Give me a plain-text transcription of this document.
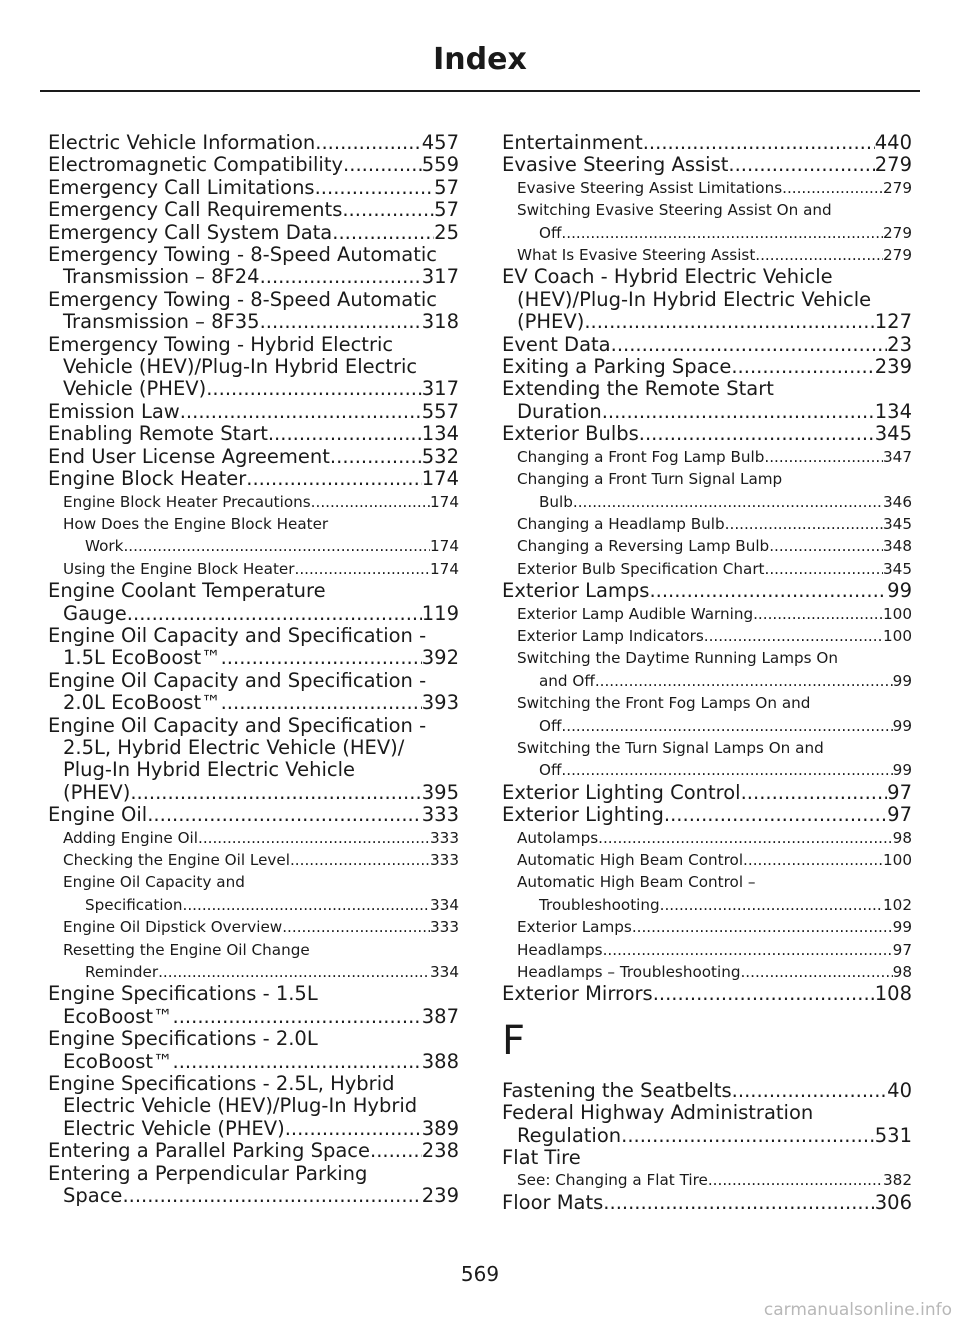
Index
Electric Vehicle Information .....	457
Electromagnetic Compatibility .....	559
Emergency Call Limitations .....	57
Emergency Call Requirements .....	57
Emergency Call System Data .....	25
Emergency Towing - 8-Speed Automatic
Transmission – 8F24 .....	317
Emergency Towing - 8-Speed Automatic
Transmission – 8F35 .....	318
Emergency Towing - Hybrid Electric
Vehicle (HEV)/Plug-In Hybrid Electric
Vehicle (PHEV) .....	317
Emission Law .....	557
Enabling Remote Start .....	134
End User License Agreement .....	532
Engine Block Heater .....	174
Engine Block Heater Precautions .....	174
How Does the Engine Block Heater
Work .....	174
Using the Engine Block Heater .....	174
Engine Coolant Temperature
Gauge .....	119
Engine Oil Capacity and Specification -
1.5L EcoBoost™ .....	392
Engine Oil Capacity and Specification -
2.0L EcoBoost™ .....	393
Engine Oil Capacity and Specification -
2.5L, Hybrid Electric Vehicle (HEV)/
Plug-In Hybrid Electric Vehicle
(PHEV) .....	395
Engine Oil .....	333
Adding Engine Oil .....	333
Checking the Engine Oil Level .....	333
Engine Oil Capacity and
Specification .....	334
Engine Oil Dipstick Overview .....	333
Resetting the Engine Oil Change
Reminder .....	334
Engine Specifications - 1.5L
EcoBoost™ .....	387
Engine Specifications - 2.0L
EcoBoost™ .....	388
Engine Specifications - 2.5L, Hybrid
Electric Vehicle (HEV)/Plug-In Hybrid
Electric Vehicle (PHEV) .....	389
Entering a Parallel Parking Space .....	238
Entering a Perpendicular Parking
Space .....	239
Entertainment .....	440
Evasive Steering Assist .....	279
Evasive Steering Assist Limitations .....	279
Switching Evasive Steering Assist On and
Off .....	279
What Is Evasive Steering Assist .....	279
EV Coach - Hybrid Electric Vehicle
(HEV)/Plug-In Hybrid Electric Vehicle
(PHEV) .....	127
Event Data .....	23
Exiting a Parking Space .....	239
Extending the Remote Start
Duration .....	134
Exterior Bulbs .....	345
Changing a Front Fog Lamp Bulb .....	347
Changing a Front Turn Signal Lamp
Bulb .....	346
Changing a Headlamp Bulb .....	345
Changing a Reversing Lamp Bulb .....	348
Exterior Bulb Specification Chart .....	345
Exterior Lamps .....	99
Exterior Lamp Audible Warning .....	100
Exterior Lamp Indicators .....	100
Switching the Daytime Running Lamps On
and Off .....	99
Switching the Front Fog Lamps On and
Off .....	99
Switching the Turn Signal Lamps On and
Off .....	99
Exterior Lighting Control .....	97
Exterior Lighting .....	97
Autolamps .....	98
Automatic High Beam Control .....	100
Automatic High Beam Control –
Troubleshooting .....	102
Exterior Lamps .....	99
Headlamps .....	97
Headlamps – Troubleshooting .....	98
Exterior Mirrors .....	108
F
Fastening the Seatbelts .....	40
Federal Highway Administration
Regulation .....	531
Flat Tire
See: Changing a Flat Tire .....	382
Floor Mats .....	306
569
carmanualsonline.info
